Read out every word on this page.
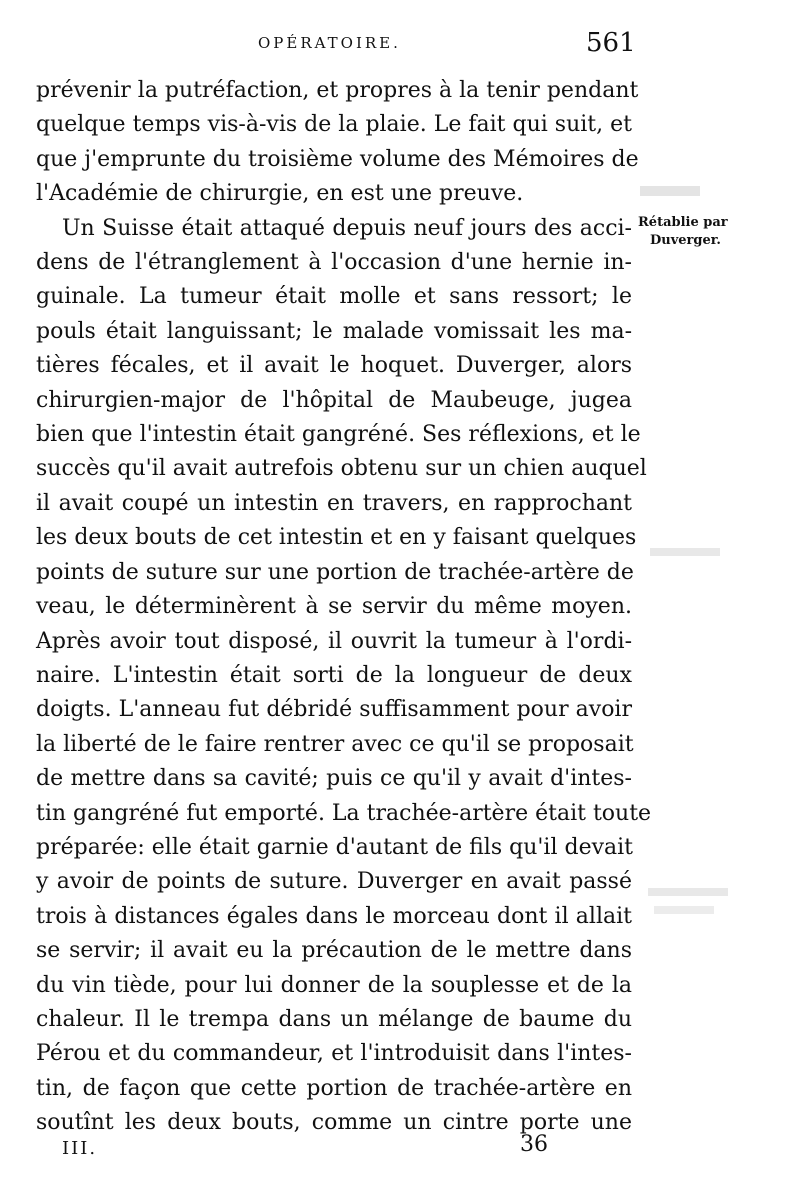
OPÉRATOIRE.	561
Rétablie par
Duverger.
prévenir la putréfaction, et propres à la tenir pendant
quelque temps vis-à-vis de la plaie. Le fait qui suit, et
que j'emprunte du troisième volume des Mémoires de
l'Académie de chirurgie, en est une preuve.
Un Suisse était attaqué depuis neuf jours des acci-
dens de l'étranglement à l'occasion d'une hernie in-
guinale. La tumeur était molle et sans ressort; le
pouls était languissant; le malade vomissait les ma-
tières fécales, et il avait le hoquet. Duverger, alors
chirurgien-major de l'hôpital de Maubeuge, jugea
bien que l'intestin était gangréné. Ses réflexions, et le
succès qu'il avait autrefois obtenu sur un chien auquel
il avait coupé un intestin en travers, en rapprochant
les deux bouts de cet intestin et en y faisant quelques
points de suture sur une portion de trachée-artère de
veau, le déterminèrent à se servir du même moyen.
Après avoir tout disposé, il ouvrit la tumeur à l'ordi-
naire. L'intestin était sorti de la longueur de deux
doigts. L'anneau fut débridé suffisamment pour avoir
la liberté de le faire rentrer avec ce qu'il se proposait
de mettre dans sa cavité; puis ce qu'il y avait d'intes-
tin gangréné fut emporté. La trachée-artère était toute
préparée: elle était garnie d'autant de fils qu'il devait
y avoir de points de suture. Duverger en avait passé
trois à distances égales dans le morceau dont il allait
se servir; il avait eu la précaution de le mettre dans
du vin tiède, pour lui donner de la souplesse et de la
chaleur. Il le trempa dans un mélange de baume du
Pérou et du commandeur, et l'introduisit dans l'intes-
tin, de façon que cette portion de trachée-artère en
soutînt les deux bouts, comme un cintre porte une
III.	36
